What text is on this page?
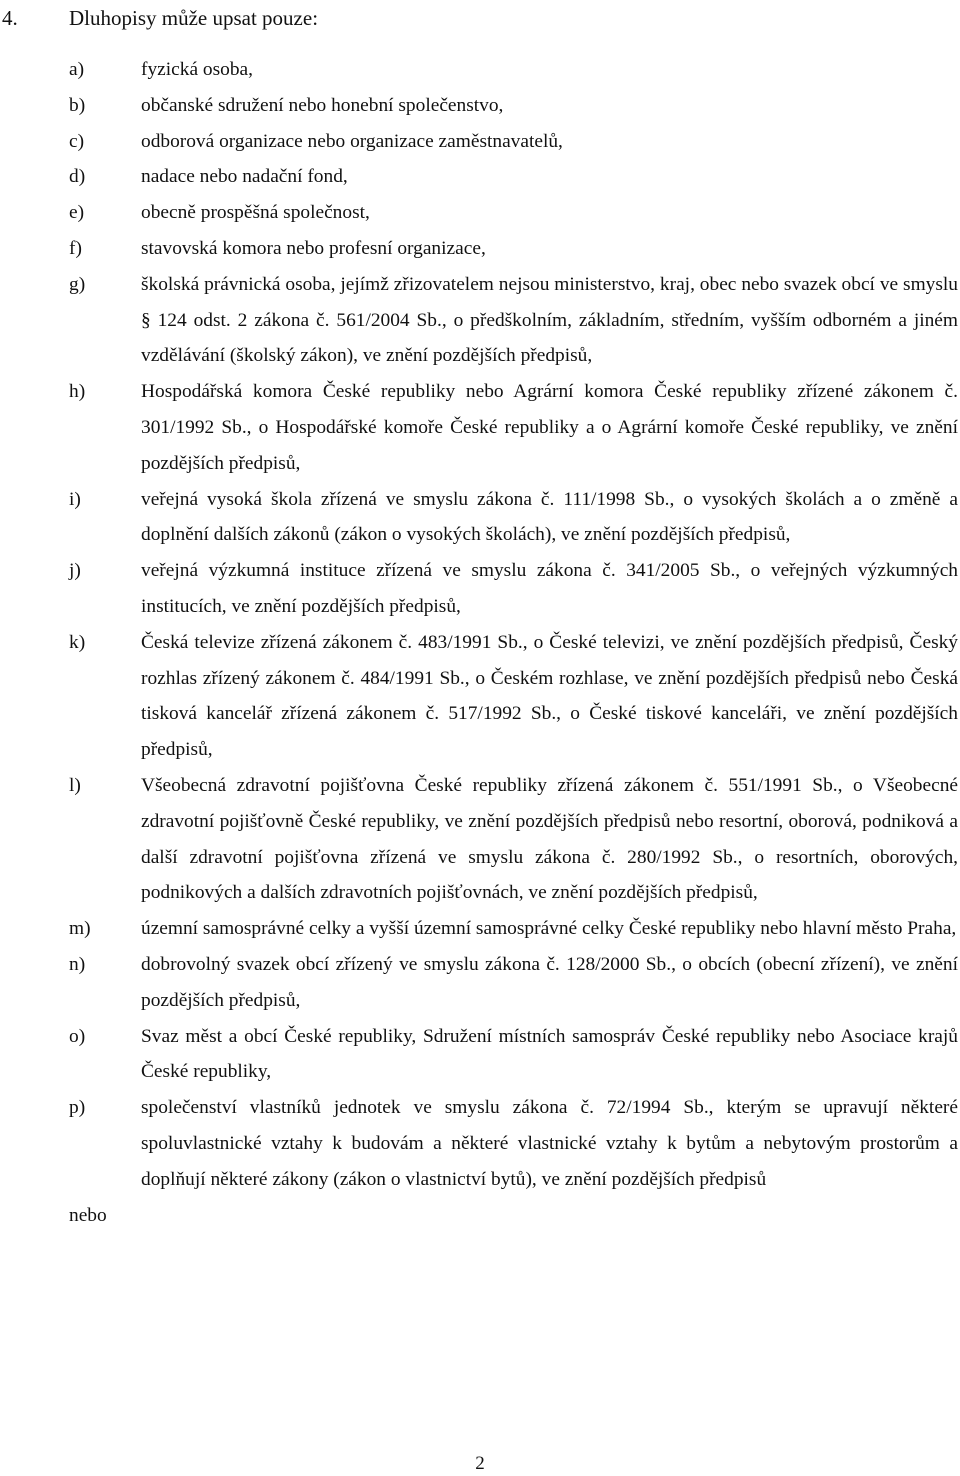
4. Dluhopisy může upsat pouze:
a)	fyzická osoba,
b)	občanské sdružení nebo honební společenstvo,
c)	odborová organizace nebo organizace zaměstnavatelů,
d)	nadace nebo nadační fond,
e)	obecně prospěšná společnost,
f)	stavovská komora nebo profesní organizace,
g)	školská právnická osoba, jejímž zřizovatelem nejsou ministerstvo, kraj, obec nebo svazek obcí ve smyslu § 124 odst. 2 zákona č. 561/2004 Sb., o předškolním, základním, středním, vyšším odborném a jiném vzdělávání (školský zákon), ve znění pozdějších předpisů,
h)	Hospodářská komora České republiky nebo Agrární komora České republiky zřízené zákonem č. 301/1992 Sb., o Hospodářské komoře České republiky a o Agrární komoře České republiky, ve znění pozdějších předpisů,
i)	veřejná vysoká škola zřízená ve smyslu zákona č. 111/1998 Sb., o vysokých školách a o změně a doplnění dalších zákonů (zákon o vysokých školách), ve znění pozdějších předpisů,
j)	veřejná výzkumná instituce zřízená ve smyslu zákona č. 341/2005 Sb., o veřejných výzkumných institucích, ve znění pozdějších předpisů,
k)	Česká televize zřízená zákonem č. 483/1991 Sb., o České televizi, ve znění pozdějších předpisů, Český rozhlas zřízený zákonem č. 484/1991 Sb., o Českém rozhlase, ve znění pozdějších předpisů nebo Česká tisková kancelář zřízená zákonem č. 517/1992 Sb., o České tiskové kanceláři, ve znění pozdějších předpisů,
l)	Všeobecná zdravotní pojišťovna České republiky zřízená zákonem č. 551/1991 Sb., o Všeobecné zdravotní pojišťovně České republiky, ve znění pozdějších předpisů nebo resortní, oborová, podniková a další zdravotní pojišťovna zřízená ve smyslu zákona č. 280/1992 Sb., o resortních, oborových, podnikových a dalších zdravotních pojišťovnách, ve znění pozdějších předpisů,
m)	územní samosprávné celky a vyšší územní samosprávné celky České republiky nebo hlavní město Praha,
n)	dobrovolný svazek obcí zřízený ve smyslu zákona č. 128/2000 Sb., o obcích (obecní zřízení), ve znění pozdějších předpisů,
o)	Svaz měst a obcí České republiky, Sdružení místních samospráv České republiky nebo Asociace krajů České republiky,
p)	společenství vlastníků jednotek ve smyslu zákona č. 72/1994 Sb., kterým se upravují některé spoluvlastnické vztahy k budovám a některé vlastnické vztahy k bytům a nebytovým prostorům a doplňují některé zákony (zákon o vlastnictví bytů), ve znění pozdějších předpisů
nebo
2
